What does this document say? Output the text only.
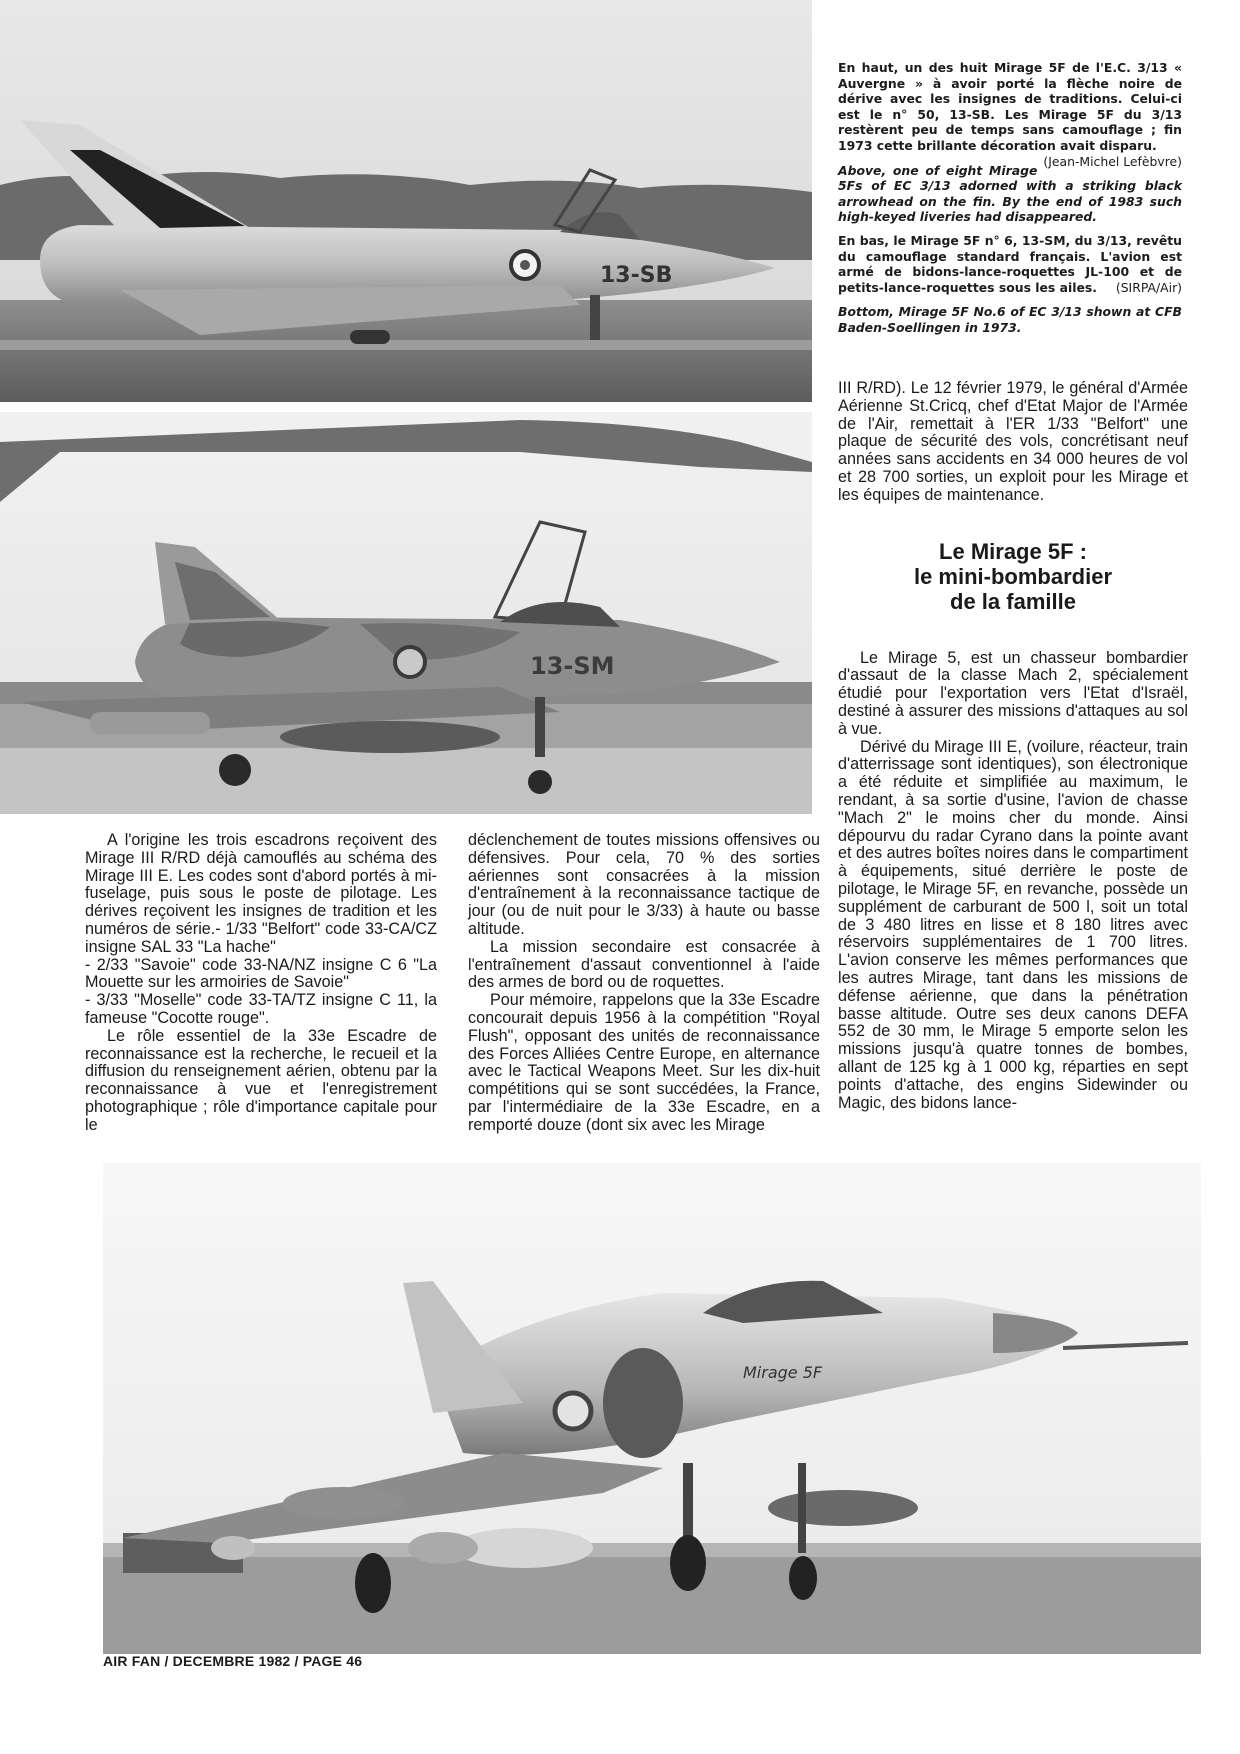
13-SB
13-SM
Mirage 5F
En haut, un des huit Mirage 5F de l'E.C. 3/13 « Auvergne » à avoir porté la flèche noire de dérive avec les insignes de traditions. Celui-ci est le n° 50, 13-SB. Les Mirage 5F du 3/13 restèrent peu de temps sans camouflage ; fin 1973 cette brillante décoration avait disparu.
(Jean-Michel Lefèbvre)
Above, one of eight Mirage 5Fs of EC 3/13 adorned with a striking black arrowhead on the fin. By the end of 1983 such high-keyed liveries had disappeared.
En bas, le Mirage 5F n° 6, 13-SM, du 3/13, revêtu du camouflage standard français. L'avion est armé de bidons-lance-roquettes JL-100 et de petits-lance-roquettes sous les ailes.	(SIRPA/Air)
Bottom, Mirage 5F No.6 of EC 3/13 shown at CFB Baden-Soellingen in 1973.

III R/RD). Le 12 février 1979, le général d'Armée Aérienne St.Cricq, chef d'Etat Major de l'Armée de l'Air, remettait à l'ER 1/33 "Belfort" une plaque de sécurité des vols, concrétisant neuf années sans accidents en 34 000 heures de vol et 28 700 sorties, un exploit pour les Mirage et les équipes de maintenance.

Le Mirage 5F :
le mini-bombardier
de la famille

Le Mirage 5, est un chasseur bombardier d'assaut de la classe Mach 2, spécialement étudié pour l'exportation vers l'Etat d'Israël, destiné à assurer des missions d'attaques au sol à vue.

Dérivé du Mirage III E, (voilure, réacteur, train d'atterrissage sont identiques), son électronique a été réduite et simplifiée au maximum, le rendant, à sa sortie d'usine, l'avion de chasse "Mach 2" le moins cher du monde. Ainsi dépourvu du radar Cyrano dans la pointe avant et des autres boîtes noires dans le compartiment à équipements, situé derrière le poste de pilotage, le Mirage 5F, en revanche, possède un supplément de carburant de 500 l, soit un total de 3 480 litres en lisse et 8 180 litres avec réservoirs supplémentaires de 1 700 litres. L'avion conserve les mêmes performances que les autres Mirage, tant dans les missions de défense aérienne, que dans la pénétration basse altitude. Outre ses deux canons DEFA 552 de 30 mm, le Mirage 5 emporte selon les missions jusqu'à quatre tonnes de bombes, allant de 125 kg à 1 000 kg, réparties en sept points d'attache, des engins Sidewinder ou Magic, des bidons lance-

A l'origine les trois escadrons reçoivent des Mirage III R/RD déjà camouflés au schéma des Mirage III E. Les codes sont d'abord portés à mi-fuselage, puis sous le poste de pilotage. Les dérives reçoivent les insignes de tradition et les numéros de série.- 1/33 "Belfort" code 33-CA/CZ insigne SAL 33 "La hache"

- 2/33 "Savoie" code 33-NA/NZ insigne C 6 "La Mouette sur les armoiries de Savoie"

- 3/33 "Moselle" code 33-TA/TZ insigne C 11, la fameuse "Cocotte rouge".

Le rôle essentiel de la 33e Escadre de reconnaissance est la recherche, le recueil et la diffusion du renseignement aérien, obtenu par la reconnaissance à vue et l'enregistrement photographique ; rôle d'importance capitale pour le

déclenchement de toutes missions offensives ou défensives. Pour cela, 70 % des sorties aériennes sont consacrées à la mission d'entraînement à la reconnaissance tactique de jour (ou de nuit pour le 3/33) à haute ou basse altitude.

La mission secondaire est consacrée à l'entraînement d'assaut conventionnel à l'aide des armes de bord ou de roquettes.

Pour mémoire, rappelons que la 33e Escadre concourait depuis 1956 à la compétition "Royal Flush", opposant des unités de reconnaissance des Forces Alliées Centre Europe, en alternance avec le Tactical Weapons Meet. Sur les dix-huit compétitions qui se sont succédées, la France, par l'intermédiaire de la 33e Escadre, en a remporté douze (dont six avec les Mirage

AIR FAN / DECEMBRE 1982 / PAGE 46
